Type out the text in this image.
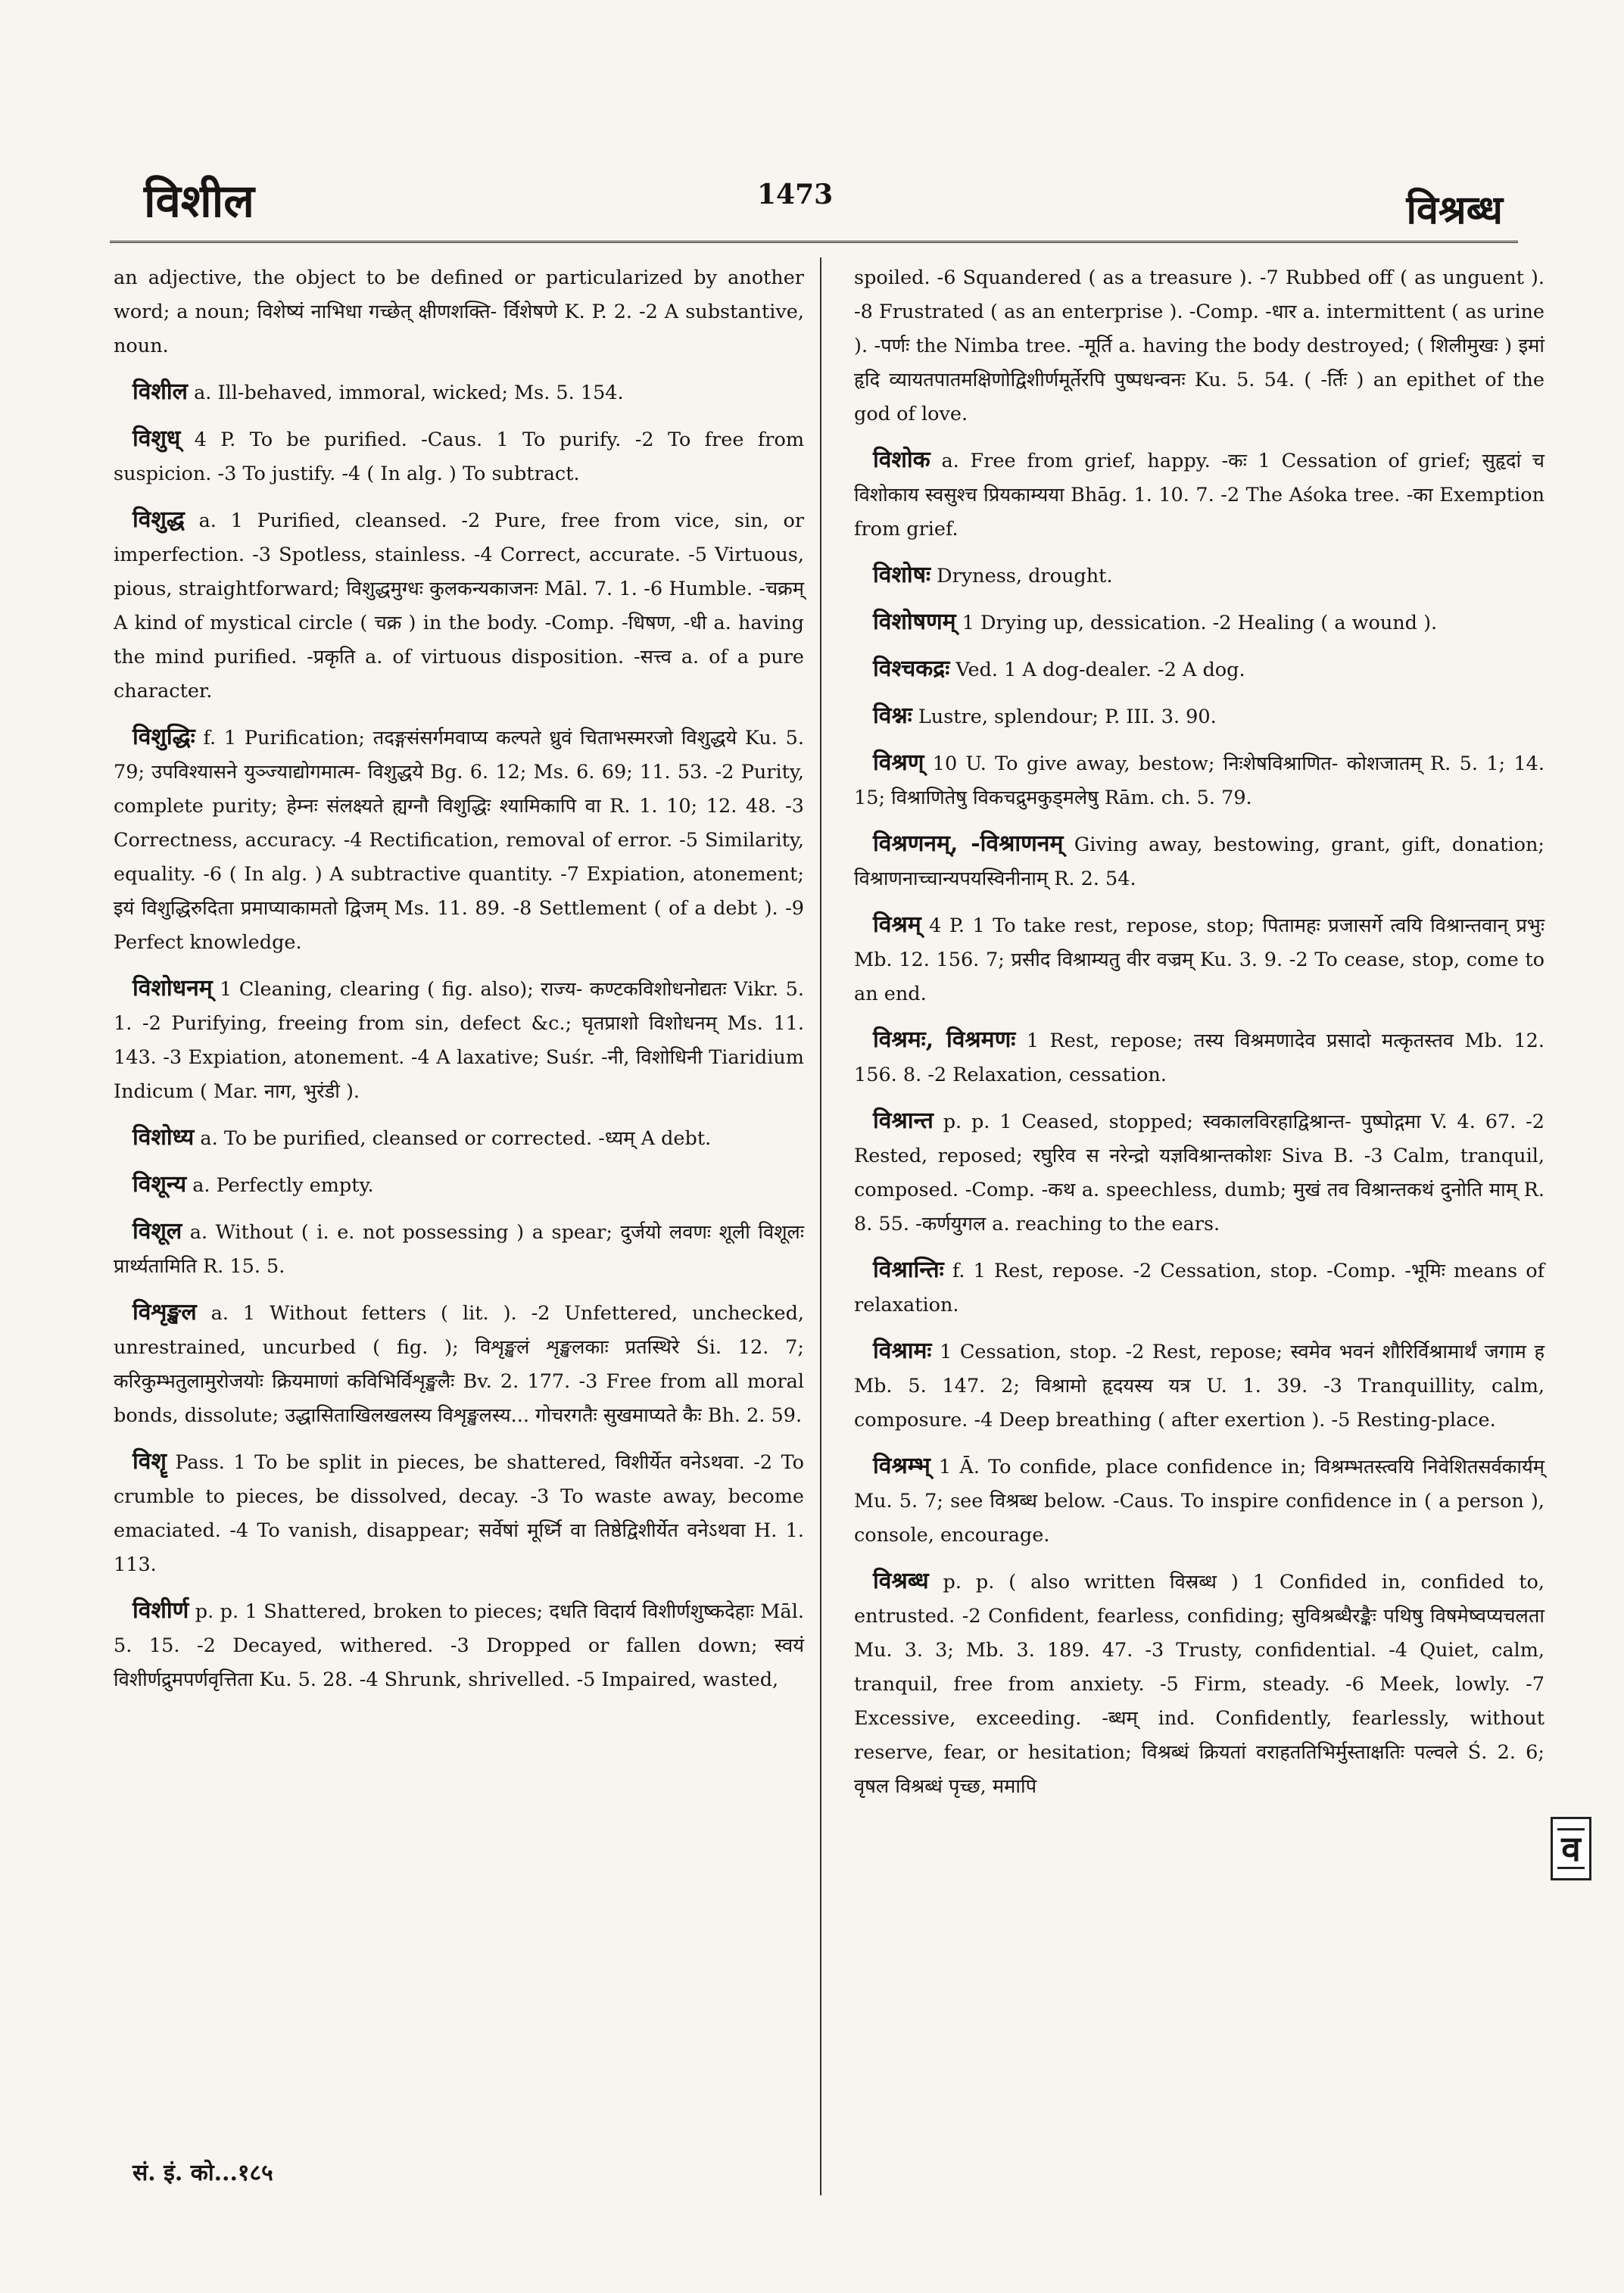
विशील	1473	विश्रब्ध

an adjective, the object to be defined or particularized by another word; a noun; विशेष्यं नाभिधा गच्छेत् क्षीणशक्ति- र्विशेषणे K. P. 2. -2 A substantive, noun.

विशील a. Ill-behaved, immoral, wicked; Ms. 5. 154.

विशुध् 4 P. To be purified. -Caus. 1 To purify. -2 To free from suspicion. -3 To justify. -4 ( In alg. ) To subtract.

विशुद्ध a. 1 Purified, cleansed. -2 Pure, free from vice, sin, or imperfection. -3 Spotless, stainless. -4 Correct, accurate. -5 Virtuous, pious, straightforward; विशुद्धमुग्धः कुलकन्यकाजनः Māl. 7. 1. -6 Humble. -चक्रम् A kind of mystical circle ( चक्र ) in the body. -Comp. -धिषण, -धी a. having the mind purified. -प्रकृति a. of virtuous disposition. -सत्त्व a. of a pure character.

विशुद्धिः f. 1 Purification; तदङ्गसंसर्गमवाप्य कल्पते ध्रुवं चिताभस्मरजो विशुद्धये Ku. 5. 79; उपविश्यासने युञ्ज्याद्योगमात्म- विशुद्धये Bg. 6. 12; Ms. 6. 69; 11. 53. -2 Purity, complete purity; हेम्नः संलक्ष्यते ह्यग्नौ विशुद्धिः श्यामिकापि वा R. 1. 10; 12. 48. -3 Correctness, accuracy. -4 Rectification, removal of error. -5 Similarity, equality. -6 ( In alg. ) A subtractive quantity. -7 Expiation, atonement; इयं विशुद्धिरुदिता प्रमाप्याकामतो द्विजम् Ms. 11. 89. -8 Settlement ( of a debt ). -9 Perfect knowledge.

विशोधनम् 1 Cleaning, clearing ( fig. also); राज्य- कण्टकविशोधनोद्यतः Vikr. 5. 1. -2 Purifying, freeing from sin, defect &c.; घृतप्राशो विशोधनम् Ms. 11. 143. -3 Expiation, atonement. -4 A laxative; Suśr. -नी, विशोधिनी Tiaridium Indicum ( Mar. नाग, भुरंडी ).

विशोध्य a. To be purified, cleansed or corrected. -ध्यम् A debt.

विशून्य a. Perfectly empty.

विशूल a. Without ( i. e. not possessing ) a spear; दुर्जयो लवणः शूली विशूलः प्रार्थ्यतामिति R. 15. 5.

विशृङ्खल a. 1 Without fetters ( lit. ). -2 Unfettered, unchecked, unrestrained, uncurbed ( fig. ); विशृङ्खलं शृङ्खलकाः प्रतस्थिरे Śi. 12. 7; करिकुम्भतुलामुरोजयोः क्रियमाणां कविभिर्विशृङ्खलैः Bv. 2. 177. -3 Free from all moral bonds, dissolute; उद्धासिताखिलखलस्य विशृङ्खलस्य... गोचरगतैः सुखमाप्यते कैः Bh. 2. 59.

विशॄ Pass. 1 To be split in pieces, be shattered, विशीर्येत वनेऽथवा. -2 To crumble to pieces, be dissolved, decay. -3 To waste away, become emaciated. -4 To vanish, disappear; सर्वेषां मूर्ध्नि वा तिष्ठेद्विशीर्येत वनेऽथवा H. 1. 113.

विशीर्ण p. p. 1 Shattered, broken to pieces; दधति विदार्य विशीर्णशुष्कदेहाः Māl. 5. 15. -2 Decayed, withered. -3 Dropped or fallen down; स्वयं विशीर्णद्रुमपर्णवृत्तिता Ku. 5. 28. -4 Shrunk, shrivelled. -5 Impaired, wasted,

spoiled. -6 Squandered ( as a treasure ). -7 Rubbed off ( as unguent ). -8 Frustrated ( as an enterprise ). -Comp. -धार a. intermittent ( as urine ). -पर्णः the Nimba tree. -मूर्ति a. having the body destroyed; ( शिलीमुखः ) इमां हृदि व्यायतपातमक्षिणोद्विशीर्णमूर्तेरपि पुष्पधन्वनः Ku. 5. 54. ( -र्तिः ) an epithet of the god of love.

विशोक a. Free from grief, happy. -कः 1 Cessation of grief; सुहृदां च विशोकाय स्वसुश्च प्रियकाम्यया Bhāg. 1. 10. 7. -2 The Aśoka tree. -का Exemption from grief.

विशोषः Dryness, drought.

विशोषणम् 1 Drying up, dessication. -2 Healing ( a wound ).

विश्चकद्रः Ved. 1 A dog-dealer. -2 A dog.

विश्नः Lustre, splendour; P. III. 3. 90.

विश्रण् 10 U. To give away, bestow; निःशेषविश्राणित- कोशजातम् R. 5. 1; 14. 15; विश्राणितेषु विकचद्रुमकुड्मलेषु Rām. ch. 5. 79.

विश्रणनम्, -विश्राणनम् Giving away, bestowing, grant, gift, donation; विश्राणनाच्चान्यपयस्विनीनाम् R. 2. 54.

विश्रम् 4 P. 1 To take rest, repose, stop; पितामहः प्रजासर्गे त्वयि विश्रान्तवान् प्रभुः Mb. 12. 156. 7; प्रसीद विश्राम्यतु वीर वज्रम् Ku. 3. 9. -2 To cease, stop, come to an end.

विश्रमः, विश्रमणः 1 Rest, repose; तस्य विश्रमणादेव प्रसादो मत्कृतस्तव Mb. 12. 156. 8. -2 Relaxation, cessation.

विश्रान्त p. p. 1 Ceased, stopped; स्वकालविरहाद्विश्रान्त- पुष्पोद्गमा V. 4. 67. -2 Rested, reposed; रघुरिव स नरेन्द्रो यज्ञविश्रान्तकोशः Siva B. -3 Calm, tranquil, composed. -Comp. -कथ a. speechless, dumb; मुखं तव विश्रान्तकथं दुनोति माम् R. 8. 55. -कर्णयुगल a. reaching to the ears.

विश्रान्तिः f. 1 Rest, repose. -2 Cessation, stop. -Comp. -भूमिः means of relaxation.

विश्रामः 1 Cessation, stop. -2 Rest, repose; स्वमेव भवनं शौरिर्विश्रामार्थं जगाम ह Mb. 5. 147. 2; विश्रामो हृदयस्य यत्र U. 1. 39. -3 Tranquillity, calm, composure. -4 Deep breathing ( after exertion ). -5 Resting-place.

विश्रम्भ् 1 Ā. To confide, place confidence in; विश्रम्भतस्त्वयि निवेशितसर्वकार्यम् Mu. 5. 7; see विश्रब्ध below. -Caus. To inspire confidence in ( a person ), console, encourage.

विश्रब्ध p. p. ( also written विस्रब्ध ) 1 Confided in, confided to, entrusted. -2 Confident, fearless, confiding; सुविश्रब्धैरङ्कैः पथिषु विषमेष्वप्यचलता Mu. 3. 3; Mb. 3. 189. 47. -3 Trusty, confidential. -4 Quiet, calm, tranquil, free from anxiety. -5 Firm, steady. -6 Meek, lowly. -7 Excessive, exceeding. -ब्धम् ind. Confidently, fearlessly, without reserve, fear, or hesitation; विश्रब्धं क्रियतां वराहततिभिर्मुस्ताक्षतिः पल्वले Ś. 2. 6; वृषल विश्रब्धं पृच्छ, ममापि

सं. इं. को...१८५
व
